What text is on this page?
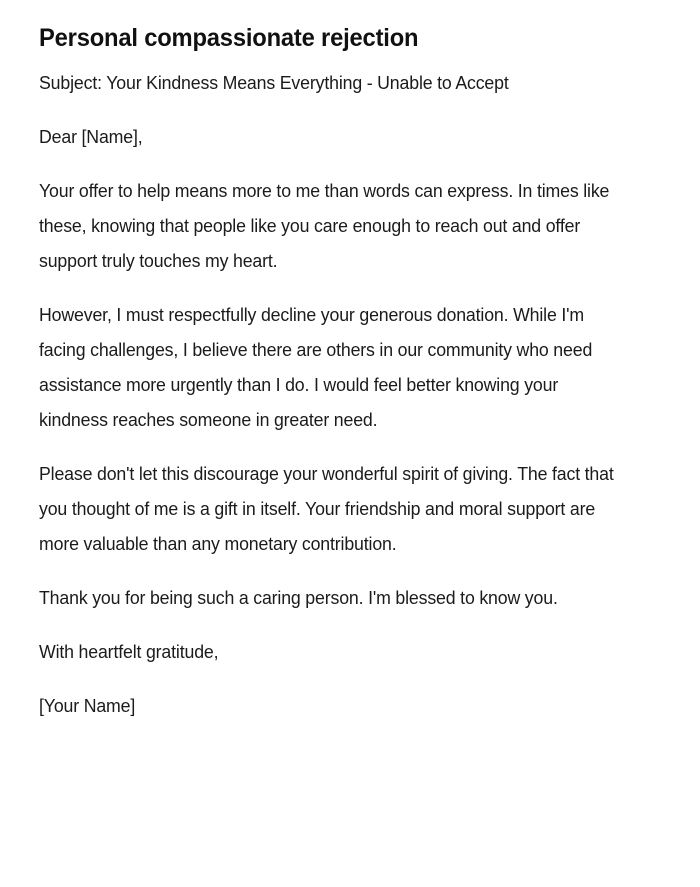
Personal compassionate rejection

Subject: Your Kindness Means Everything - Unable to Accept

Dear [Name],

Your offer to help means more to me than words can express. In times like these, knowing that people like you care enough to reach out and offer support truly touches my heart.

However, I must respectfully decline your generous donation. While I'm facing challenges, I believe there are others in our community who need assistance more urgently than I do. I would feel better knowing your kindness reaches someone in greater need.

Please don't let this discourage your wonderful spirit of giving. The fact that you thought of me is a gift in itself. Your friendship and moral support are more valuable than any monetary contribution.

Thank you for being such a caring person. I'm blessed to know you.

With heartfelt gratitude,

[Your Name]
